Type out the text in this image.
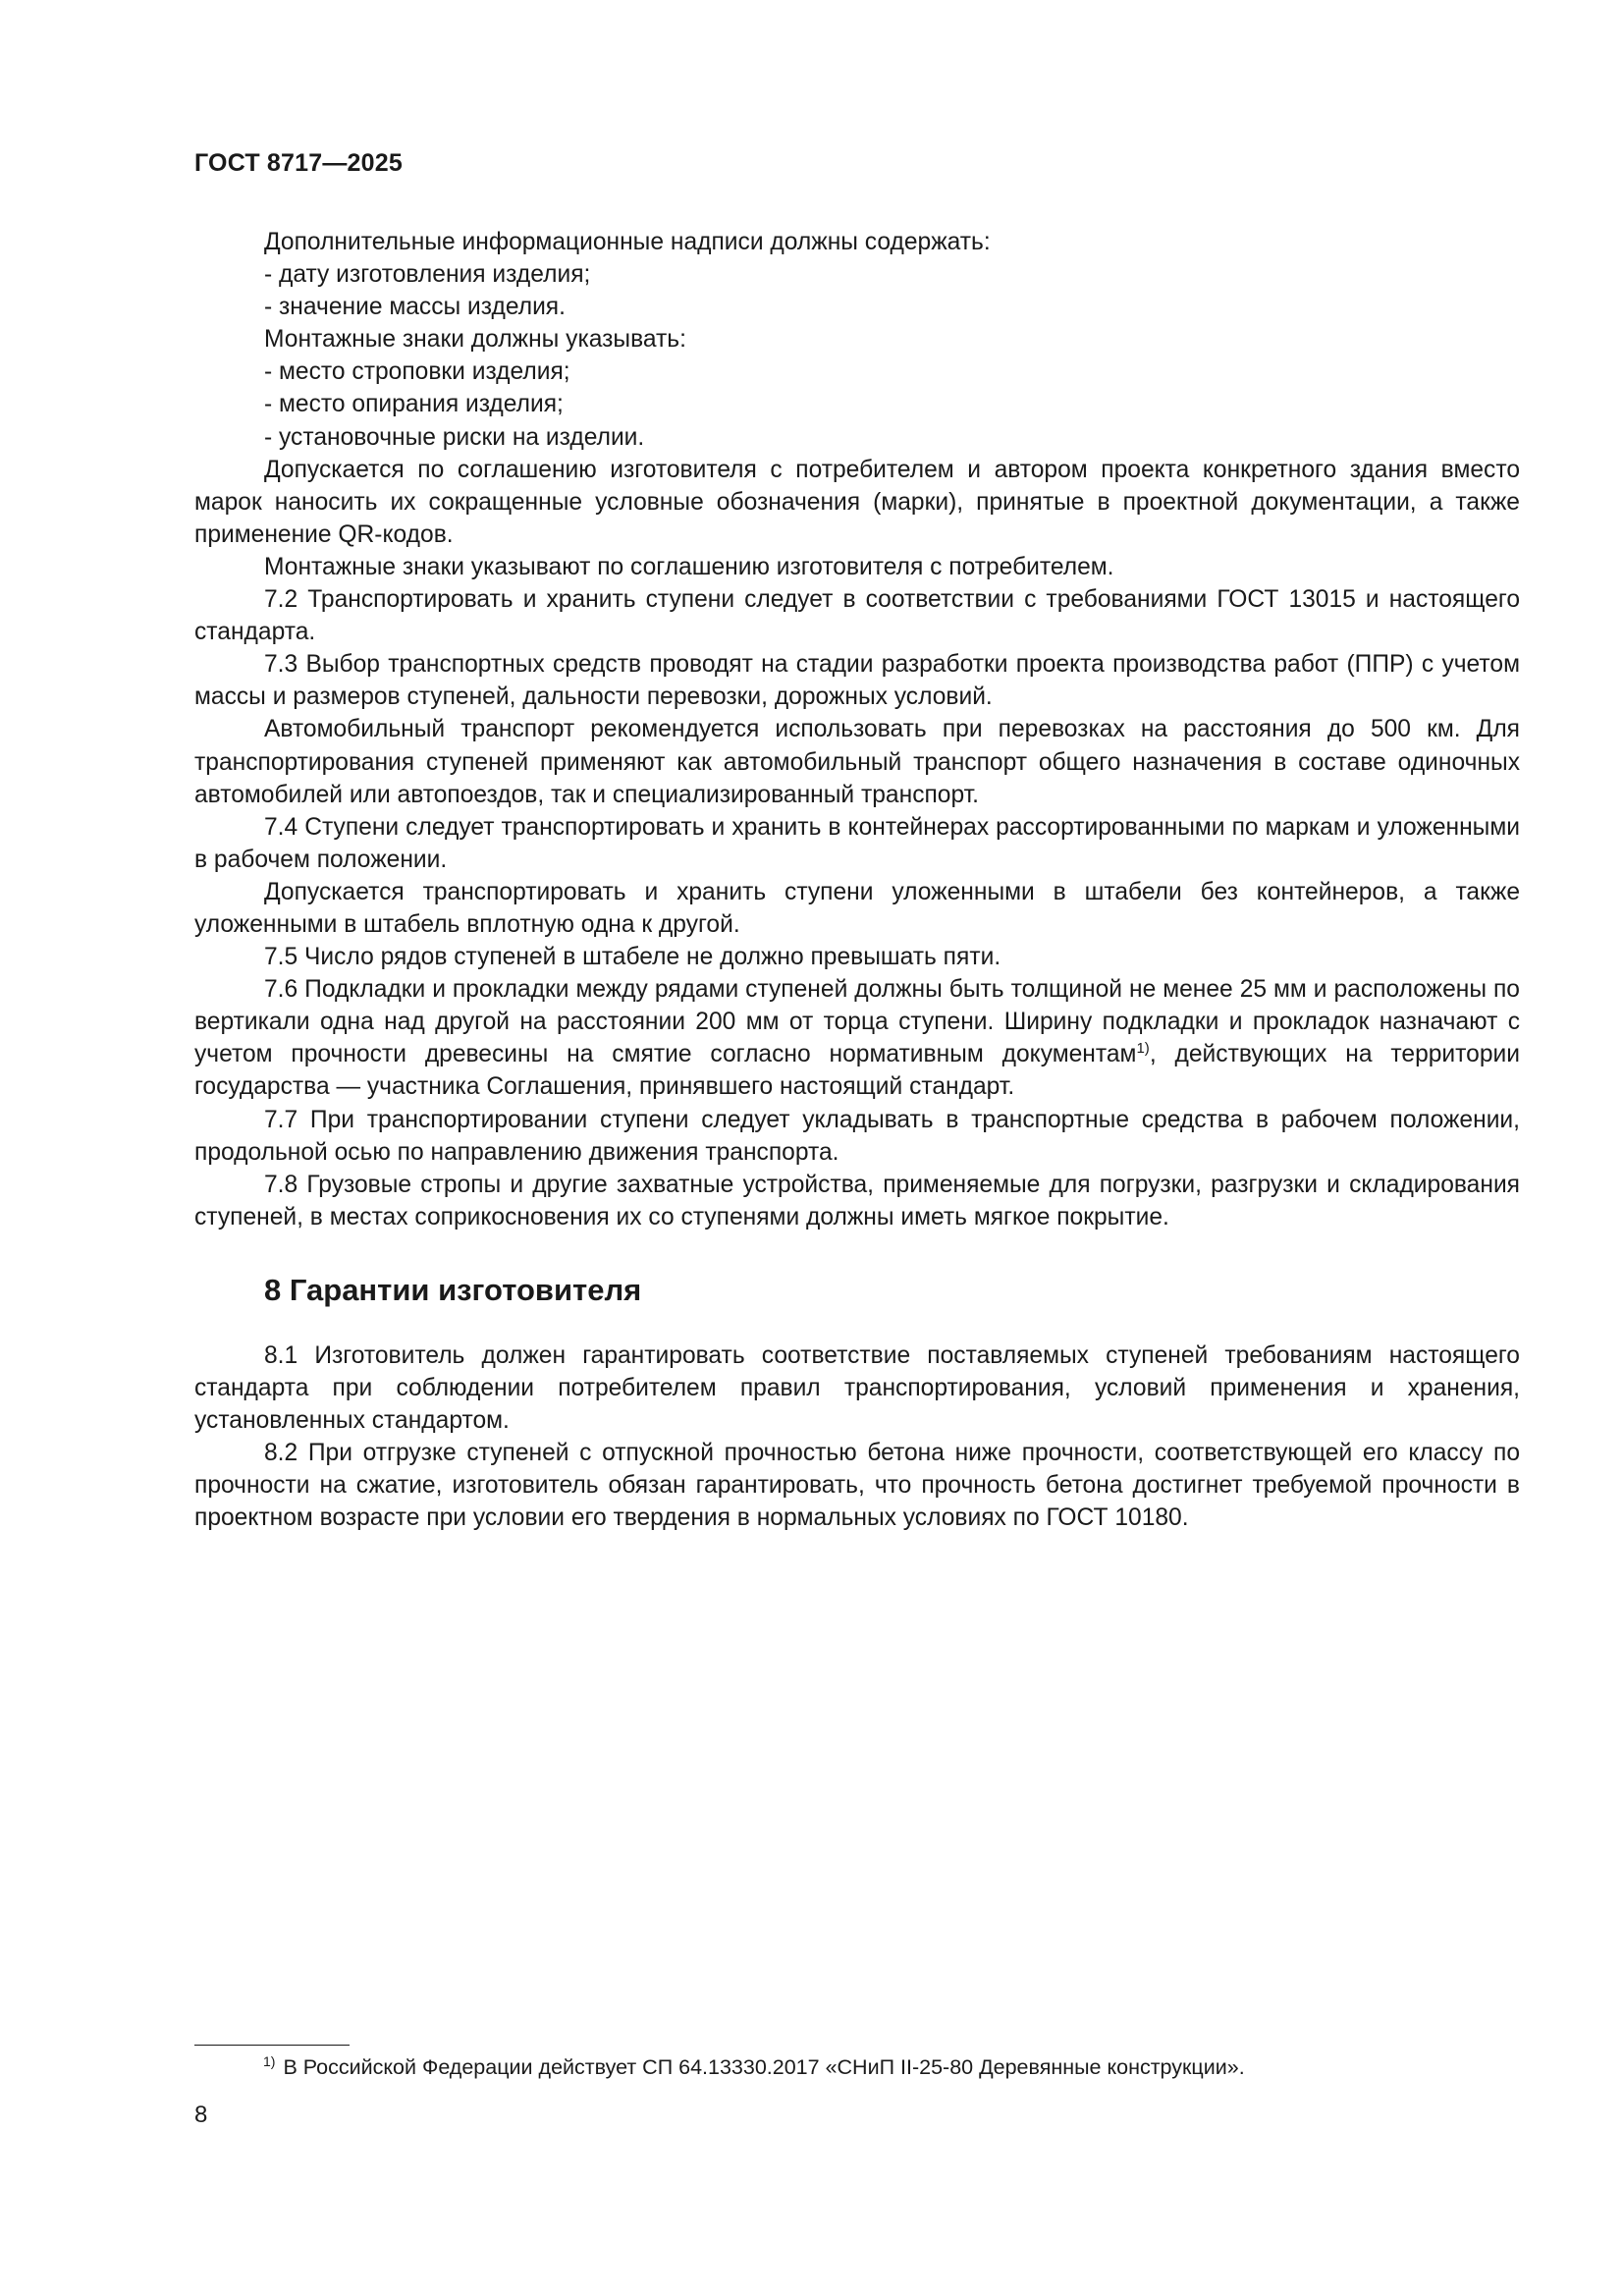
ГОСТ 8717—2025

Дополнительные информационные надписи должны содержать:

- дату изготовления изделия;

- значение массы изделия.

Монтажные знаки должны указывать:

- место строповки изделия;

- место опирания изделия;

- установочные риски на изделии.

Допускается по соглашению изготовителя с потребителем и автором проекта конкретного здания вместо марок наносить их сокращенные условные обозначения (марки), принятые в проектной документации, а также применение QR-кодов.

Монтажные знаки указывают по соглашению изготовителя с потребителем.

7.2 Транспортировать и хранить ступени следует в соответствии с требованиями ГОСТ 13015 и настоящего стандарта.

7.3 Выбор транспортных средств проводят на стадии разработки проекта производства работ (ППР) с учетом массы и размеров ступеней, дальности перевозки, дорожных условий.

Автомобильный транспорт рекомендуется использовать при перевозках на расстояния до 500 км. Для транспортирования ступеней применяют как автомобильный транспорт общего назначения в составе одиночных автомобилей или автопоездов, так и специализированный транспорт.

7.4 Ступени следует транспортировать и хранить в контейнерах рассортированными по маркам и уложенными в рабочем положении.

Допускается транспортировать и хранить ступени уложенными в штабели без контейнеров, а также уложенными в штабель вплотную одна к другой.

7.5 Число рядов ступеней в штабеле не должно превышать пяти.

7.6 Подкладки и прокладки между рядами ступеней должны быть толщиной не менее 25 мм и расположены по вертикали одна над другой на расстоянии 200 мм от торца ступени. Ширину подкладки и прокладок назначают с учетом прочности древесины на смятие согласно нормативным документам$^{1)}$, действующих на территории государства — участника Соглашения, принявшего настоящий стандарт.

7.7 При транспортировании ступени следует укладывать в транспортные средства в рабочем положении, продольной осью по направлению движения транспорта.

7.8 Грузовые стропы и другие захватные устройства, применяемые для погрузки, разгрузки и складирования ступеней, в местах соприкосновения их со ступенями должны иметь мягкое покрытие.

8 Гарантии изготовителя

8.1 Изготовитель должен гарантировать соответствие поставляемых ступеней требованиям настоящего стандарта при соблюдении потребителем правил транспортирования, условий применения и хранения, установленных стандартом.

8.2 При отгрузке ступеней с отпускной прочностью бетона ниже прочности, соответствующей его классу по прочности на сжатие, изготовитель обязан гарантировать, что прочность бетона достигнет требуемой прочности в проектном возрасте при условии его твердения в нормальных условиях по ГОСТ 10180.

$^{1)}$ В Российской Федерации действует СП 64.13330.2017 «СНиП II-25-80 Деревянные конструкции».
8
